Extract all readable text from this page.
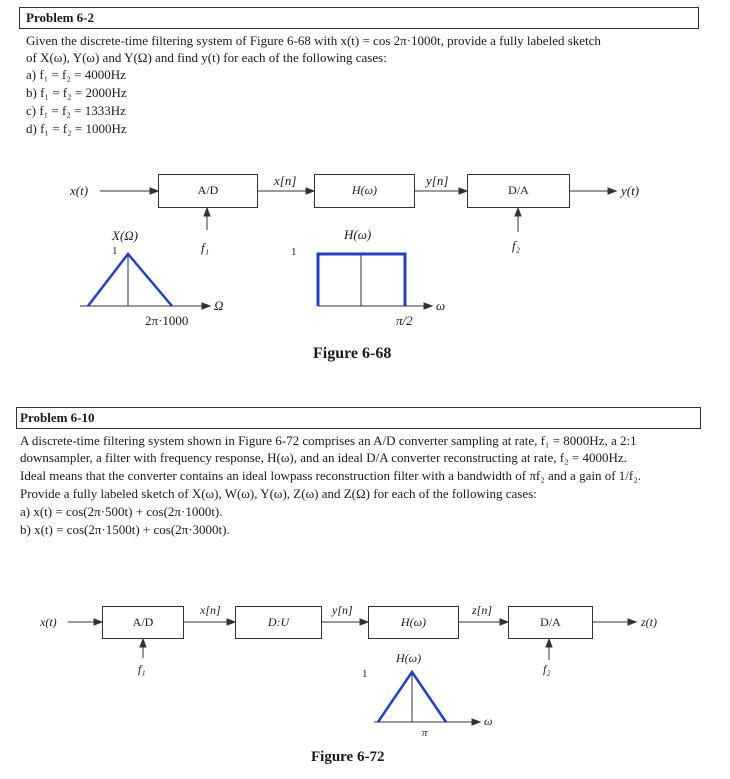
Problem 6-2
Given the discrete-time filtering system of Figure 6-68 with x(t) = cos 2π·1000t, provide a fully labeled sketch
of X(ω), Y(ω) and Y(Ω) and find y(t) for each of the following cases:
a) f₁ = f₂ = 4000Hz
b) f₁ = f₂ = 2000Hz
c) f₁ = f₂ = 1333Hz
d) f₁ = f₂ = 1000Hz
A/D	H(ω)	D/A
x(t)	y(t)
x[n]	y[n]
f₁	f₂
X(Ω)
1
2π·1000
Ω
H(ω)
1
π/2
ω
Figure 6-68
Problem 6-10
A discrete-time filtering system shown in Figure 6-72 comprises an A/D converter sampling at rate, f₁ = 8000Hz, a 2:1
downsampler, a filter with frequency response, H(ω), and an ideal D/A converter reconstructing at rate, f₂ = 4000Hz.
Ideal means that the converter contains an ideal lowpass reconstruction filter with a bandwidth of πf₂ and a gain of 1/f₂.
Provide a fully labeled sketch of X(ω), W(ω), Y(ω), Z(ω) and Z(Ω) for each of the following cases:
a) x(t) = cos(2π·500t) + cos(2π·1000t).
b) x(t) = cos(2π·1500t) + cos(2π·3000t).
A/D	D:U	H(ω)	D/A
x(t)	z(t)
x[n]	y[n]	z[n]
f₁	f₂
H(ω)
1
π
ω
Figure 6-72
